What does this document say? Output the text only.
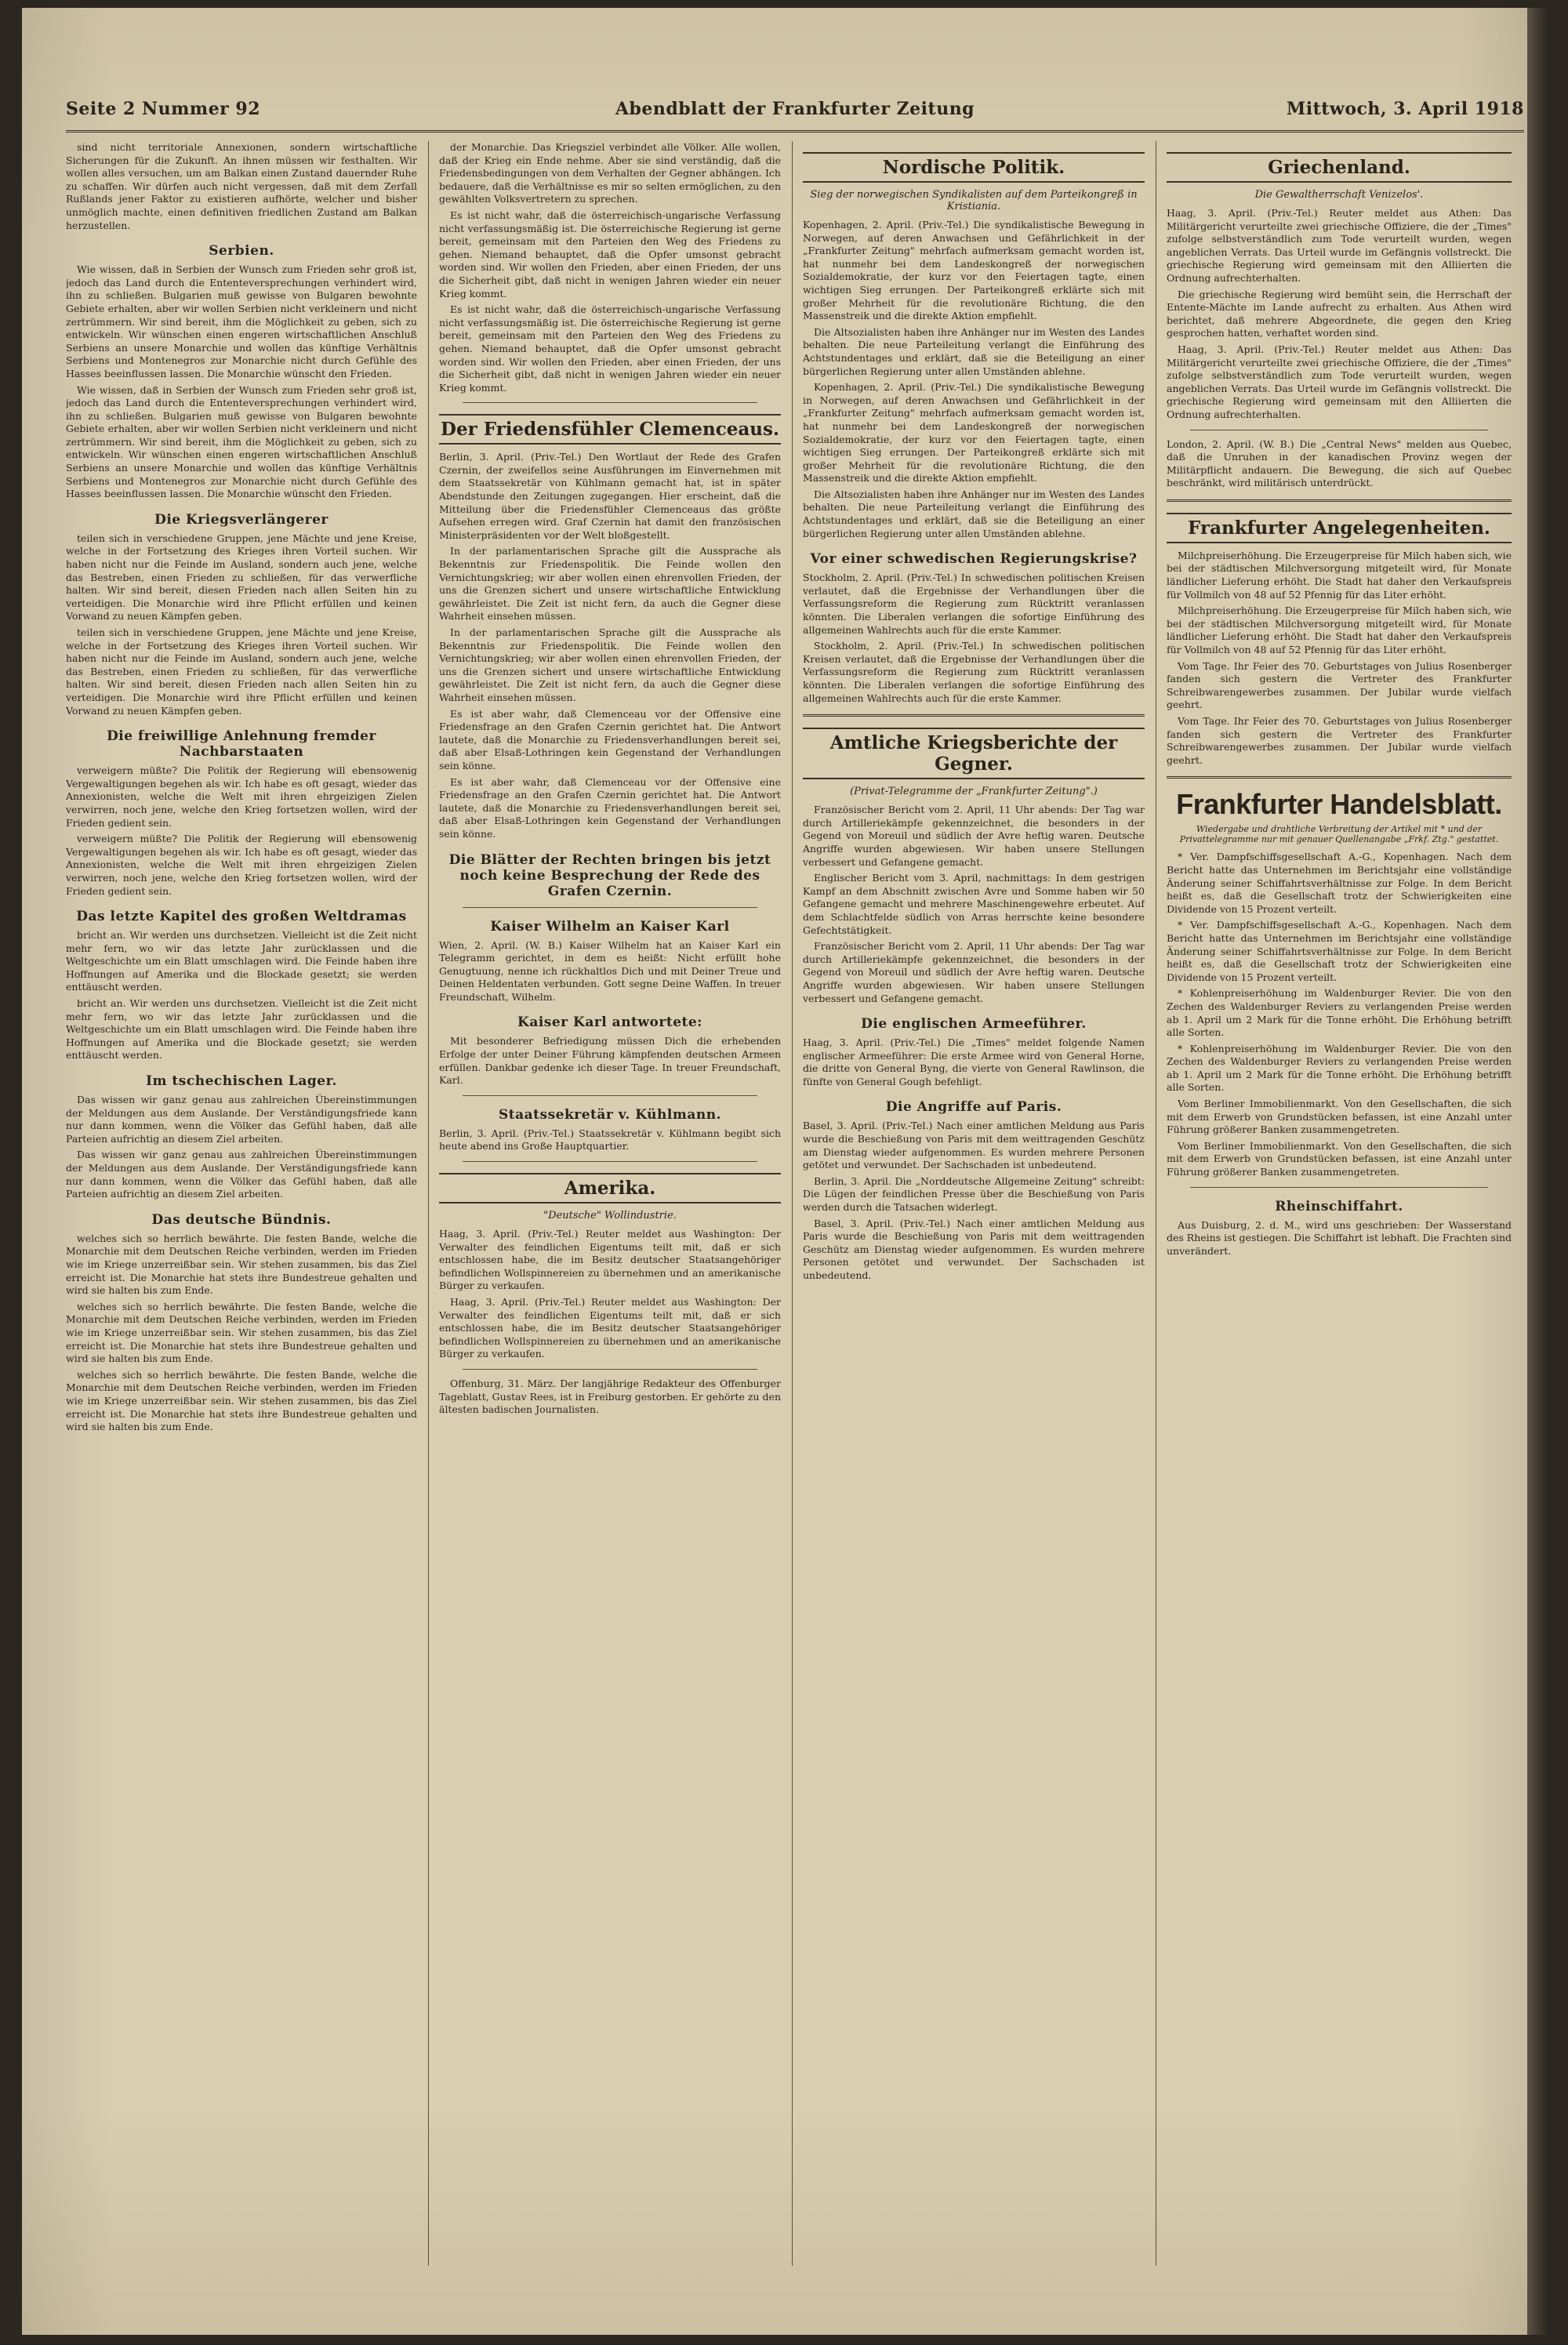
Seite 2 Nummer 92	Abendblatt der Frankfurter Zeitung	Mittwoch, 3. April 1918

sind nicht territoriale Annexionen, sondern wirtschaftliche Sicherungen für die Zukunft. An ihnen müssen wir festhalten. Wir wollen alles versuchen, um am Balkan einen Zustand dauernder Ruhe zu schaffen. Wir dürfen auch nicht vergessen, daß mit dem Zerfall Rußlands jener Faktor zu existieren aufhörte, welcher und bisher unmöglich machte, einen definitiven friedlichen Zustand am Balkan herzustellen.

Serbien.

Wie wissen, daß in Serbien der Wunsch zum Frieden sehr groß ist, jedoch das Land durch die Ententeversprechungen verhindert wird, ihn zu schließen. Bulgarien muß gewisse von Bulgaren bewohnte Gebiete erhalten, aber wir wollen Serbien nicht verkleinern und nicht zertrümmern. Wir sind bereit, ihm die Möglichkeit zu geben, sich zu entwickeln. Wir wünschen einen engeren wirtschaftlichen Anschluß Serbiens an unsere Monarchie und wollen das künftige Verhältnis Serbiens und Montenegros zur Monarchie nicht durch Gefühle des Hasses beeinflussen lassen. Die Monarchie wünscht den Frieden.

Wie wissen, daß in Serbien der Wunsch zum Frieden sehr groß ist, jedoch das Land durch die Ententeversprechungen verhindert wird, ihn zu schließen. Bulgarien muß gewisse von Bulgaren bewohnte Gebiete erhalten, aber wir wollen Serbien nicht verkleinern und nicht zertrümmern. Wir sind bereit, ihm die Möglichkeit zu geben, sich zu entwickeln. Wir wünschen einen engeren wirtschaftlichen Anschluß Serbiens an unsere Monarchie und wollen das künftige Verhältnis Serbiens und Montenegros zur Monarchie nicht durch Gefühle des Hasses beeinflussen lassen. Die Monarchie wünscht den Frieden.

Die Kriegsverlängerer

teilen sich in verschiedene Gruppen, jene Mächte und jene Kreise, welche in der Fortsetzung des Krieges ihren Vorteil suchen. Wir haben nicht nur die Feinde im Ausland, sondern auch jene, welche das Bestreben, einen Frieden zu schließen, für das verwerfliche halten. Wir sind bereit, diesen Frieden nach allen Seiten hin zu verteidigen. Die Monarchie wird ihre Pflicht erfüllen und keinen Vorwand zu neuen Kämpfen geben.

teilen sich in verschiedene Gruppen, jene Mächte und jene Kreise, welche in der Fortsetzung des Krieges ihren Vorteil suchen. Wir haben nicht nur die Feinde im Ausland, sondern auch jene, welche das Bestreben, einen Frieden zu schließen, für das verwerfliche halten. Wir sind bereit, diesen Frieden nach allen Seiten hin zu verteidigen. Die Monarchie wird ihre Pflicht erfüllen und keinen Vorwand zu neuen Kämpfen geben.

Die freiwillige Anlehnung fremder Nachbarstaaten

verweigern müßte? Die Politik der Regierung will ebensowenig Vergewaltigungen begehen als wir. Ich habe es oft gesagt, wieder das Annexionisten, welche die Welt mit ihren ehrgeizigen Zielen verwirren, noch jene, welche den Krieg fortsetzen wollen, wird der Frieden gedient sein.

verweigern müßte? Die Politik der Regierung will ebensowenig Vergewaltigungen begehen als wir. Ich habe es oft gesagt, wieder das Annexionisten, welche die Welt mit ihren ehrgeizigen Zielen verwirren, noch jene, welche den Krieg fortsetzen wollen, wird der Frieden gedient sein.

Das letzte Kapitel des großen Weltdramas

bricht an. Wir werden uns durchsetzen. Vielleicht ist die Zeit nicht mehr fern, wo wir das letzte Jahr zurücklassen und die Weltgeschichte um ein Blatt umschlagen wird. Die Feinde haben ihre Hoffnungen auf Amerika und die Blockade gesetzt; sie werden enttäuscht werden.

bricht an. Wir werden uns durchsetzen. Vielleicht ist die Zeit nicht mehr fern, wo wir das letzte Jahr zurücklassen und die Weltgeschichte um ein Blatt umschlagen wird. Die Feinde haben ihre Hoffnungen auf Amerika und die Blockade gesetzt; sie werden enttäuscht werden.

Im tschechischen Lager.

Das wissen wir ganz genau aus zahlreichen Übereinstimmungen der Meldungen aus dem Auslande. Der Verständigungsfriede kann nur dann kommen, wenn die Völker das Gefühl haben, daß alle Parteien aufrichtig an diesem Ziel arbeiten.

Das wissen wir ganz genau aus zahlreichen Übereinstimmungen der Meldungen aus dem Auslande. Der Verständigungsfriede kann nur dann kommen, wenn die Völker das Gefühl haben, daß alle Parteien aufrichtig an diesem Ziel arbeiten.

Das deutsche Bündnis.

welches sich so herrlich bewährte. Die festen Bande, welche die Monarchie mit dem Deutschen Reiche verbinden, werden im Frieden wie im Kriege unzerreißbar sein. Wir stehen zusammen, bis das Ziel erreicht ist. Die Monarchie hat stets ihre Bundestreue gehalten und wird sie halten bis zum Ende.

welches sich so herrlich bewährte. Die festen Bande, welche die Monarchie mit dem Deutschen Reiche verbinden, werden im Frieden wie im Kriege unzerreißbar sein. Wir stehen zusammen, bis das Ziel erreicht ist. Die Monarchie hat stets ihre Bundestreue gehalten und wird sie halten bis zum Ende.

welches sich so herrlich bewährte. Die festen Bande, welche die Monarchie mit dem Deutschen Reiche verbinden, werden im Frieden wie im Kriege unzerreißbar sein. Wir stehen zusammen, bis das Ziel erreicht ist. Die Monarchie hat stets ihre Bundestreue gehalten und wird sie halten bis zum Ende.

der Monarchie. Das Kriegsziel verbindet alle Völker. Alle wollen, daß der Krieg ein Ende nehme. Aber sie sind verständig, daß die Friedensbedingungen von dem Verhalten der Gegner abhängen. Ich bedauere, daß die Verhältnisse es mir so selten ermöglichen, zu den gewählten Volksvertretern zu sprechen.

Es ist nicht wahr, daß die österreichisch-ungarische Verfassung nicht verfassungsmäßig ist. Die österreichische Regierung ist gerne bereit, gemeinsam mit den Parteien den Weg des Friedens zu gehen. Niemand behauptet, daß die Opfer umsonst gebracht worden sind. Wir wollen den Frieden, aber einen Frieden, der uns die Sicherheit gibt, daß nicht in wenigen Jahren wieder ein neuer Krieg kommt.

Es ist nicht wahr, daß die österreichisch-ungarische Verfassung nicht verfassungsmäßig ist. Die österreichische Regierung ist gerne bereit, gemeinsam mit den Parteien den Weg des Friedens zu gehen. Niemand behauptet, daß die Opfer umsonst gebracht worden sind. Wir wollen den Frieden, aber einen Frieden, der uns die Sicherheit gibt, daß nicht in wenigen Jahren wieder ein neuer Krieg kommt.

Der Friedensfühler Clemenceaus.

Berlin, 3. April. (Priv.-Tel.) Den Wortlaut der Rede des Grafen Czernin, der zweifellos seine Ausführungen im Einvernehmen mit dem Staatssekretär von Kühlmann gemacht hat, ist in später Abendstunde den Zeitungen zugegangen. Hier erscheint, daß die Mitteilung über die Friedensfühler Clemenceaus das größte Aufsehen erregen wird. Graf Czernin hat damit den französischen Ministerpräsidenten vor der Welt bloßgestellt.

In der parlamentarischen Sprache gilt die Aussprache als Bekenntnis zur Friedenspolitik. Die Feinde wollen den Vernichtungskrieg; wir aber wollen einen ehrenvollen Frieden, der uns die Grenzen sichert und unsere wirtschaftliche Entwicklung gewährleistet. Die Zeit ist nicht fern, da auch die Gegner diese Wahrheit einsehen müssen.

In der parlamentarischen Sprache gilt die Aussprache als Bekenntnis zur Friedenspolitik. Die Feinde wollen den Vernichtungskrieg; wir aber wollen einen ehrenvollen Frieden, der uns die Grenzen sichert und unsere wirtschaftliche Entwicklung gewährleistet. Die Zeit ist nicht fern, da auch die Gegner diese Wahrheit einsehen müssen.

Es ist aber wahr, daß Clemenceau vor der Offensive eine Friedensfrage an den Grafen Czernin gerichtet hat. Die Antwort lautete, daß die Monarchie zu Friedensverhandlungen bereit sei, daß aber Elsaß-Lothringen kein Gegenstand der Verhandlungen sein könne.

Es ist aber wahr, daß Clemenceau vor der Offensive eine Friedensfrage an den Grafen Czernin gerichtet hat. Die Antwort lautete, daß die Monarchie zu Friedensverhandlungen bereit sei, daß aber Elsaß-Lothringen kein Gegenstand der Verhandlungen sein könne.

Die Blätter der Rechten bringen bis jetzt noch keine Besprechung der Rede des Grafen Czernin.
Kaiser Wilhelm an Kaiser Karl

Wien, 2. April. (W. B.) Kaiser Wilhelm hat an Kaiser Karl ein Telegramm gerichtet, in dem es heißt: Nicht erfüllt hohe Genugtuung, nenne ich rückhaltlos Dich und mit Deiner Treue und Deinen Heldentaten verbunden. Gott segne Deine Waffen. In treuer Freundschaft, Wilhelm.

Kaiser Karl antwortete:

Mit besonderer Befriedigung müssen Dich die erhebenden Erfolge der unter Deiner Führung kämpfenden deutschen Armeen erfüllen. Dankbar gedenke ich dieser Tage. In treuer Freundschaft, Karl.

Staatssekretär v. Kühlmann.

Berlin, 3. April. (Priv.-Tel.) Staatssekretär v. Kühlmann begibt sich heute abend ins Große Hauptquartier.

Amerika.
"Deutsche" Wollindustrie.

Haag, 3. April. (Priv.-Tel.) Reuter meldet aus Washington: Der Verwalter des feindlichen Eigentums teilt mit, daß er sich entschlossen habe, die im Besitz deutscher Staatsangehöriger befindlichen Wollspinnereien zu übernehmen und an amerikanische Bürger zu verkaufen.

Haag, 3. April. (Priv.-Tel.) Reuter meldet aus Washington: Der Verwalter des feindlichen Eigentums teilt mit, daß er sich entschlossen habe, die im Besitz deutscher Staatsangehöriger befindlichen Wollspinnereien zu übernehmen und an amerikanische Bürger zu verkaufen.

Offenburg, 31. März. Der langjährige Redakteur des Offenburger Tageblatt, Gustav Rees, ist in Freiburg gestorben. Er gehörte zu den ältesten badischen Journalisten.

Nordische Politik.
Sieg der norwegischen Syndikalisten auf dem Parteikongreß in Kristiania.

Kopenhagen, 2. April. (Priv.-Tel.) Die syndikalistische Bewegung in Norwegen, auf deren Anwachsen und Gefährlichkeit in der „Frankfurter Zeitung" mehrfach aufmerksam gemacht worden ist, hat nunmehr bei dem Landeskongreß der norwegischen Sozialdemokratie, der kurz vor den Feiertagen tagte, einen wichtigen Sieg errungen. Der Parteikongreß erklärte sich mit großer Mehrheit für die revolutionäre Richtung, die den Massenstreik und die direkte Aktion empfiehlt.

Die Altsozialisten haben ihre Anhänger nur im Westen des Landes behalten. Die neue Parteileitung verlangt die Einführung des Achtstundentages und erklärt, daß sie die Beteiligung an einer bürgerlichen Regierung unter allen Umständen ablehne.

Kopenhagen, 2. April. (Priv.-Tel.) Die syndikalistische Bewegung in Norwegen, auf deren Anwachsen und Gefährlichkeit in der „Frankfurter Zeitung" mehrfach aufmerksam gemacht worden ist, hat nunmehr bei dem Landeskongreß der norwegischen Sozialdemokratie, der kurz vor den Feiertagen tagte, einen wichtigen Sieg errungen. Der Parteikongreß erklärte sich mit großer Mehrheit für die revolutionäre Richtung, die den Massenstreik und die direkte Aktion empfiehlt.

Die Altsozialisten haben ihre Anhänger nur im Westen des Landes behalten. Die neue Parteileitung verlangt die Einführung des Achtstundentages und erklärt, daß sie die Beteiligung an einer bürgerlichen Regierung unter allen Umständen ablehne.

Vor einer schwedischen Regierungskrise?

Stockholm, 2. April. (Priv.-Tel.) In schwedischen politischen Kreisen verlautet, daß die Ergebnisse der Verhandlungen über die Verfassungsreform die Regierung zum Rücktritt veranlassen könnten. Die Liberalen verlangen die sofortige Einführung des allgemeinen Wahlrechts auch für die erste Kammer.

Stockholm, 2. April. (Priv.-Tel.) In schwedischen politischen Kreisen verlautet, daß die Ergebnisse der Verhandlungen über die Verfassungsreform die Regierung zum Rücktritt veranlassen könnten. Die Liberalen verlangen die sofortige Einführung des allgemeinen Wahlrechts auch für die erste Kammer.

Amtliche Kriegsberichte der Gegner.
(Privat-Telegramme der „Frankfurter Zeitung".)

Französischer Bericht vom 2. April, 11 Uhr abends: Der Tag war durch Artilleriekämpfe gekennzeichnet, die besonders in der Gegend von Moreuil und südlich der Avre heftig waren. Deutsche Angriffe wurden abgewiesen. Wir haben unsere Stellungen verbessert und Gefangene gemacht.

Englischer Bericht vom 3. April, nachmittags: In dem gestrigen Kampf an dem Abschnitt zwischen Avre und Somme haben wir 50 Gefangene gemacht und mehrere Maschinengewehre erbeutet. Auf dem Schlachtfelde südlich von Arras herrschte keine besondere Gefechtstätigkeit.

Französischer Bericht vom 2. April, 11 Uhr abends: Der Tag war durch Artilleriekämpfe gekennzeichnet, die besonders in der Gegend von Moreuil und südlich der Avre heftig waren. Deutsche Angriffe wurden abgewiesen. Wir haben unsere Stellungen verbessert und Gefangene gemacht.

Die englischen Armeeführer.

Haag, 3. April. (Priv.-Tel.) Die „Times" meldet folgende Namen englischer Armeeführer: Die erste Armee wird von General Horne, die dritte von General Byng, die vierte von General Rawlinson, die fünfte von General Gough befehligt.

Die Angriffe auf Paris.

Basel, 3. April. (Priv.-Tel.) Nach einer amtlichen Meldung aus Paris wurde die Beschießung von Paris mit dem weittragenden Geschütz am Dienstag wieder aufgenommen. Es wurden mehrere Personen getötet und verwundet. Der Sachschaden ist unbedeutend.

Berlin, 3. April. Die „Norddeutsche Allgemeine Zeitung" schreibt: Die Lügen der feindlichen Presse über die Beschießung von Paris werden durch die Tatsachen widerlegt.

Basel, 3. April. (Priv.-Tel.) Nach einer amtlichen Meldung aus Paris wurde die Beschießung von Paris mit dem weittragenden Geschütz am Dienstag wieder aufgenommen. Es wurden mehrere Personen getötet und verwundet. Der Sachschaden ist unbedeutend.

Griechenland.
Die Gewaltherrschaft Venizelos'.

Haag, 3. April. (Priv.-Tel.) Reuter meldet aus Athen: Das Militärgericht verurteilte zwei griechische Offiziere, die der „Times" zufolge selbstverständlich zum Tode verurteilt wurden, wegen angeblichen Verrats. Das Urteil wurde im Gefängnis vollstreckt. Die griechische Regierung wird gemeinsam mit den Alliierten die Ordnung aufrechterhalten.

Die griechische Regierung wird bemüht sein, die Herrschaft der Entente-Mächte im Lande aufrecht zu erhalten. Aus Athen wird berichtet, daß mehrere Abgeordnete, die gegen den Krieg gesprochen hatten, verhaftet worden sind.

Haag, 3. April. (Priv.-Tel.) Reuter meldet aus Athen: Das Militärgericht verurteilte zwei griechische Offiziere, die der „Times" zufolge selbstverständlich zum Tode verurteilt wurden, wegen angeblichen Verrats. Das Urteil wurde im Gefängnis vollstreckt. Die griechische Regierung wird gemeinsam mit den Alliierten die Ordnung aufrechterhalten.

London, 2. April. (W. B.) Die „Central News" melden aus Quebec, daß die Unruhen in der kanadischen Provinz wegen der Militärpflicht andauern. Die Bewegung, die sich auf Quebec beschränkt, wird militärisch unterdrückt.

Frankfurter Angelegenheiten.

Milchpreiserhöhung. Die Erzeugerpreise für Milch haben sich, wie bei der städtischen Milchversorgung mitgeteilt wird, für Monate ländlicher Lieferung erhöht. Die Stadt hat daher den Verkaufspreis für Vollmilch von 48 auf 52 Pfennig für das Liter erhöht.

Milchpreiserhöhung. Die Erzeugerpreise für Milch haben sich, wie bei der städtischen Milchversorgung mitgeteilt wird, für Monate ländlicher Lieferung erhöht. Die Stadt hat daher den Verkaufspreis für Vollmilch von 48 auf 52 Pfennig für das Liter erhöht.

Vom Tage. Ihr Feier des 70. Geburtstages von Julius Rosenberger fanden sich gestern die Vertreter des Frankfurter Schreibwarengewerbes zusammen. Der Jubilar wurde vielfach geehrt.

Vom Tage. Ihr Feier des 70. Geburtstages von Julius Rosenberger fanden sich gestern die Vertreter des Frankfurter Schreibwarengewerbes zusammen. Der Jubilar wurde vielfach geehrt.

Frankfurter Handelsblatt.
Wiedergabe und drahtliche Verbreitung der Artikel mit * und der Privattelegramme nur mit genauer Quellenangabe „Frkf. Ztg." gestattet.

* Ver. Dampfschiffsgesellschaft A.-G., Kopenhagen. Nach dem Bericht hatte das Unternehmen im Berichtsjahr eine vollständige Änderung seiner Schiffahrtsverhältnisse zur Folge. In dem Bericht heißt es, daß die Gesellschaft trotz der Schwierigkeiten eine Dividende von 15 Prozent verteilt.

* Ver. Dampfschiffsgesellschaft A.-G., Kopenhagen. Nach dem Bericht hatte das Unternehmen im Berichtsjahr eine vollständige Änderung seiner Schiffahrtsverhältnisse zur Folge. In dem Bericht heißt es, daß die Gesellschaft trotz der Schwierigkeiten eine Dividende von 15 Prozent verteilt.

* Kohlenpreiserhöhung im Waldenburger Revier. Die von den Zechen des Waldenburger Reviers zu verlangenden Preise werden ab 1. April um 2 Mark für die Tonne erhöht. Die Erhöhung betrifft alle Sorten.

* Kohlenpreiserhöhung im Waldenburger Revier. Die von den Zechen des Waldenburger Reviers zu verlangenden Preise werden ab 1. April um 2 Mark für die Tonne erhöht. Die Erhöhung betrifft alle Sorten.

Vom Berliner Immobilienmarkt. Von den Gesellschaften, die sich mit dem Erwerb von Grundstücken befassen, ist eine Anzahl unter Führung größerer Banken zusammengetreten.

Vom Berliner Immobilienmarkt. Von den Gesellschaften, die sich mit dem Erwerb von Grundstücken befassen, ist eine Anzahl unter Führung größerer Banken zusammengetreten.

Rheinschiffahrt.

Aus Duisburg, 2. d. M., wird uns geschrieben: Der Wasserstand des Rheins ist gestiegen. Die Schiffahrt ist lebhaft. Die Frachten sind unverändert.
